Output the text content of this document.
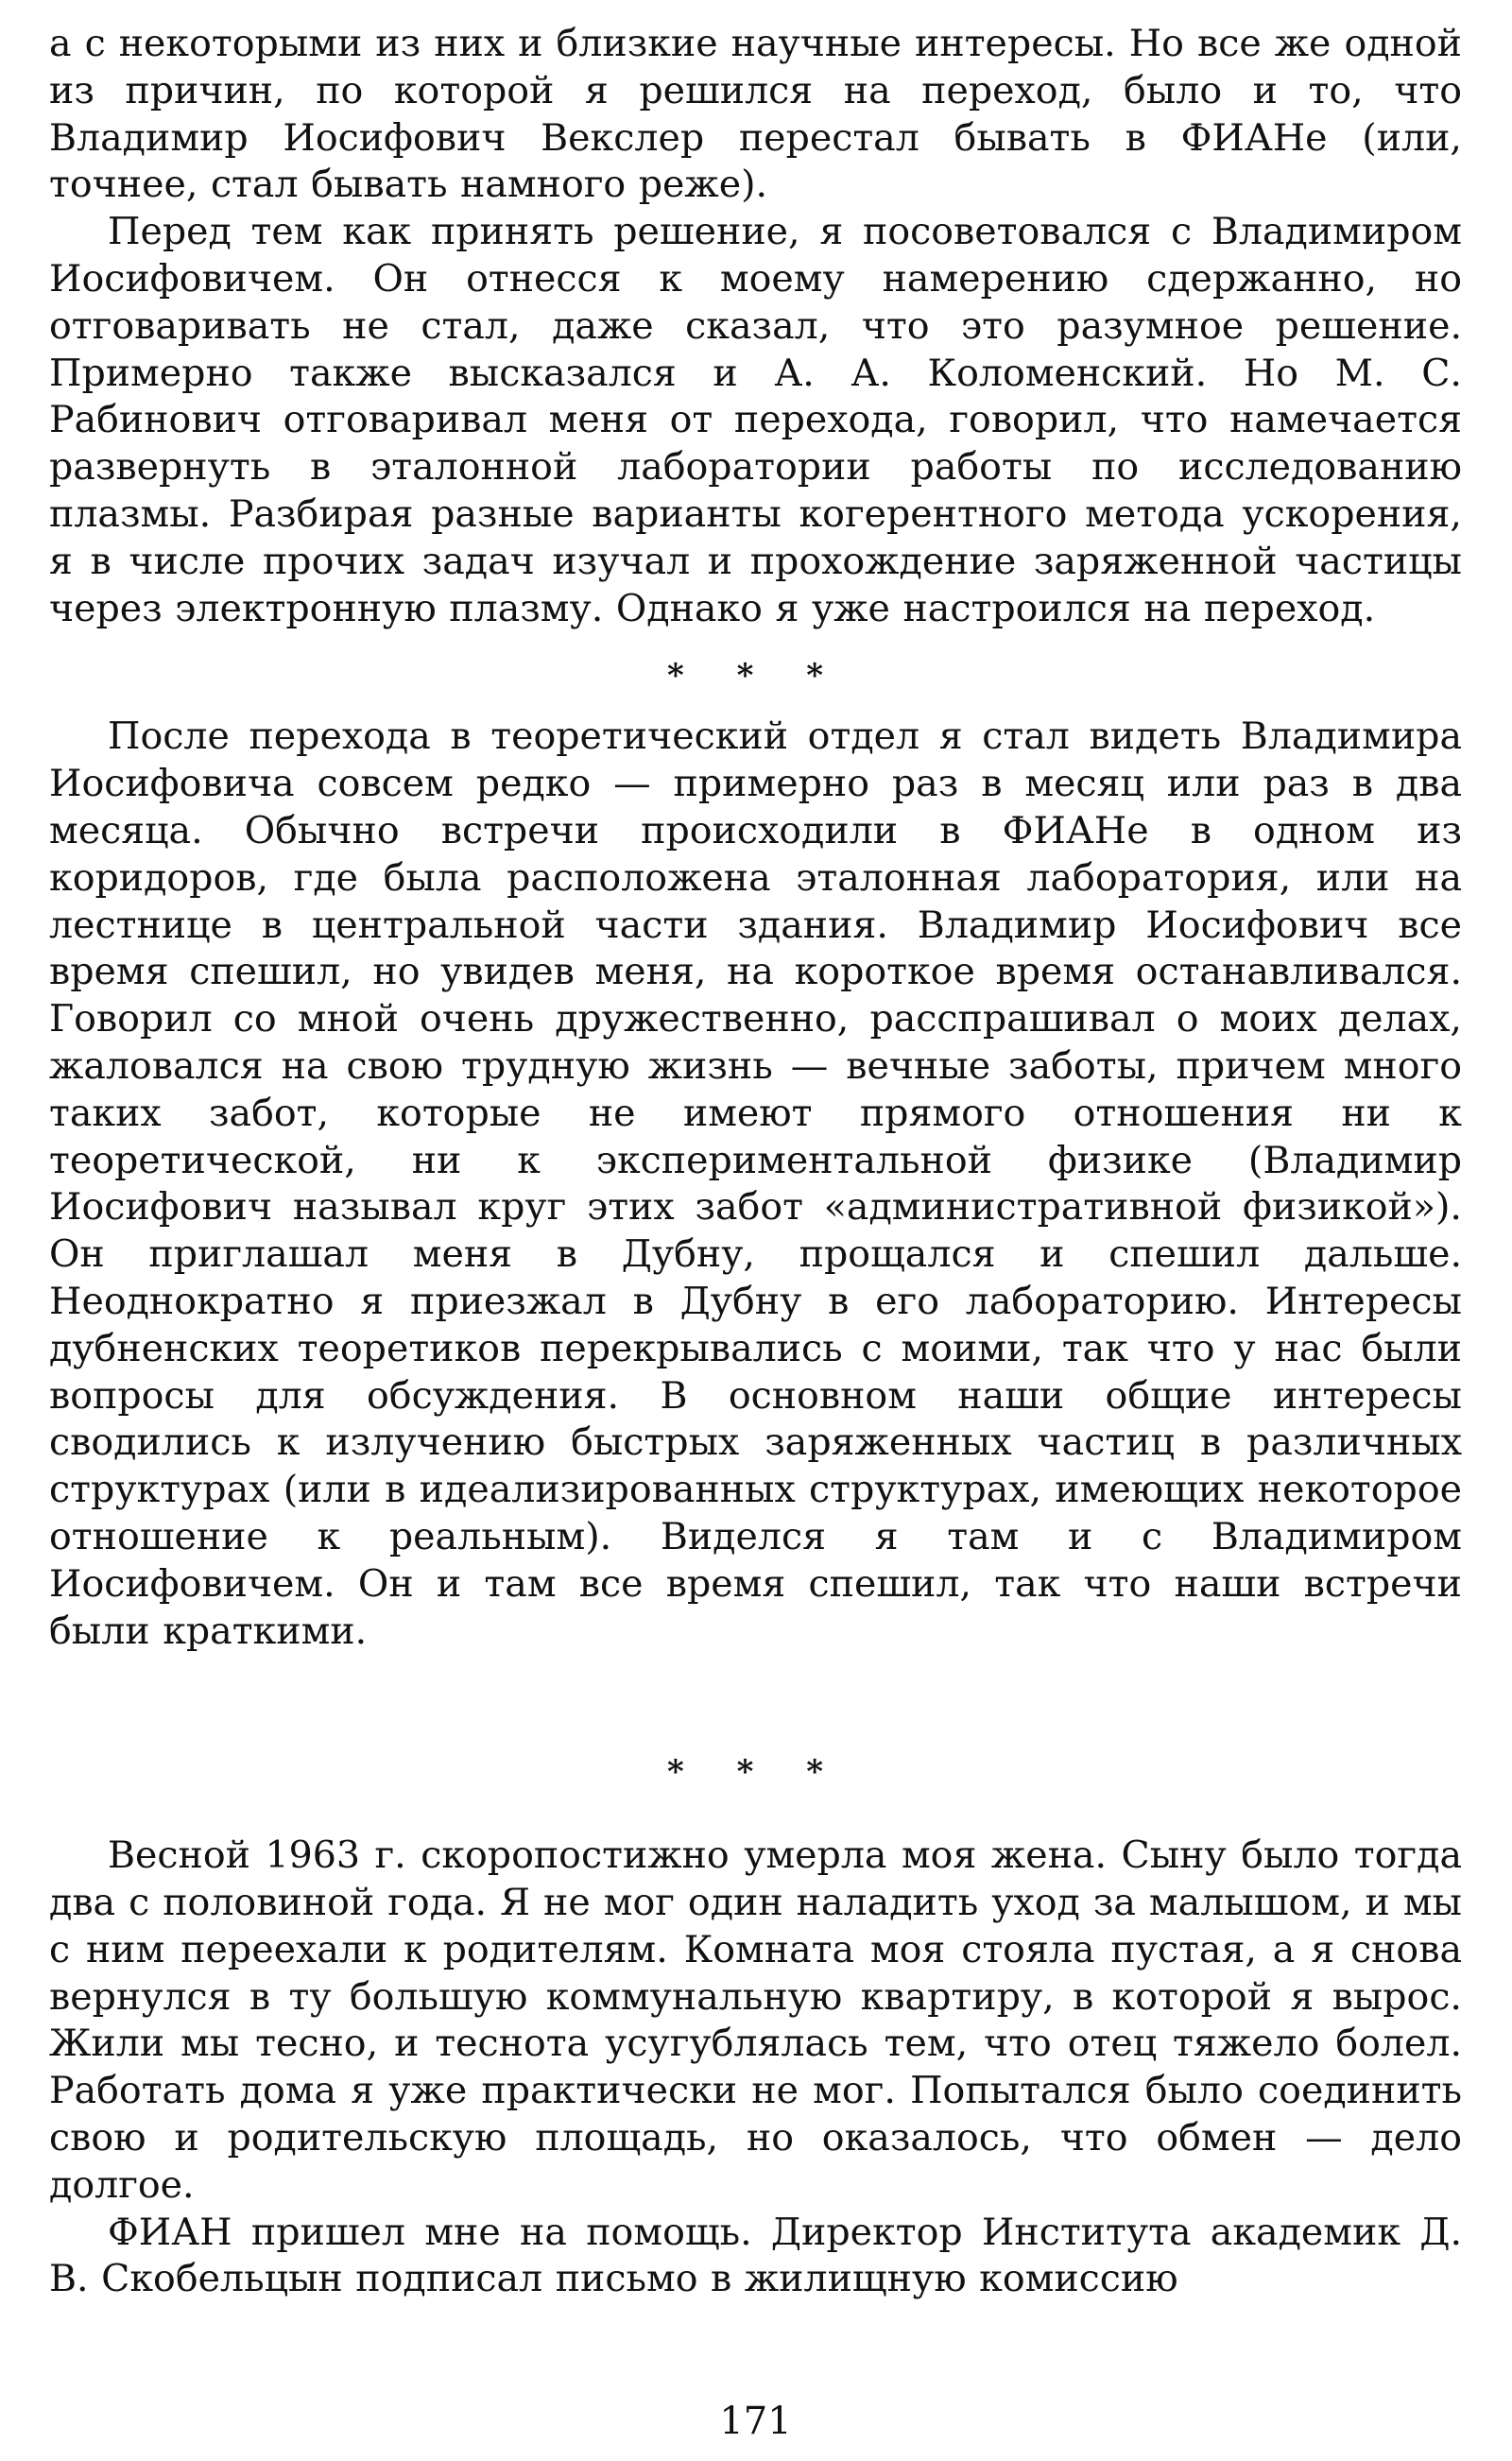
а с некоторыми из них и близкие научные интересы. Но все же одной из причин, по которой я решился на переход, было и то, что Владимир Иосифович Векслер перестал бывать в ФИАНе (или, точнее, стал бывать намного реже).

Перед тем как принять решение, я посоветовался с Владимиром Иосифовичем. Он отнесся к моему намерению сдержанно, но отговаривать не стал, даже сказал, что это разумное решение. Примерно также высказался и А. А. Коломенский. Но М. С. Рабинович отговаривал меня от перехода, говорил, что намечается развернуть в эталонной лаборатории работы по исследованию плазмы. Разбирая разные варианты когерентного метода ускорения, я в числе прочих задач изучал и прохождение заряженной частицы через электронную плазму. Однако я уже настроился на переход.

* * *

После перехода в теоретический отдел я стал видеть Владимира Иосифовича совсем редко — примерно раз в месяц или раз в два месяца. Обычно встречи происходили в ФИАНе в одном из коридоров, где была расположена эталонная лаборатория, или на лестнице в центральной части здания. Владимир Иосифович все время спешил, но увидев меня, на короткое время останавливался. Говорил со мной очень дружественно, расспрашивал о моих делах, жаловался на свою трудную жизнь — вечные заботы, причем много таких забот, которые не имеют прямого отношения ни к теоретической, ни к экспериментальной физике (Владимир Иосифович называл круг этих забот «административной физикой»). Он приглашал меня в Дубну, прощался и спешил дальше. Неоднократно я приезжал в Дубну в его лабораторию. Интересы дубненских теоретиков перекрывались с моими, так что у нас были вопросы для обсуждения. В основном наши общие интересы сводились к излучению быстрых заряженных частиц в различных структурах (или в идеализированных структурах, имеющих некоторое отношение к реальным). Виделся я там и с Владимиром Иосифовичем. Он и там все время спешил, так что наши встречи были краткими.

* * *

Весной 1963 г. скоропостижно умерла моя жена. Сыну было тогда два с половиной года. Я не мог один наладить уход за малышом, и мы с ним переехали к родителям. Комната моя стояла пустая, а я снова вернулся в ту большую коммунальную квартиру, в которой я вырос. Жили мы тесно, и теснота усугублялась тем, что отец тяжело болел. Работать дома я уже практически не мог. Попытался было соединить свою и родительскую площадь, но оказалось, что обмен — дело долгое.

ФИАН пришел мне на помощь. Директор Института академик Д. В. Скобельцын подписал письмо в жилищную комиссию

171
